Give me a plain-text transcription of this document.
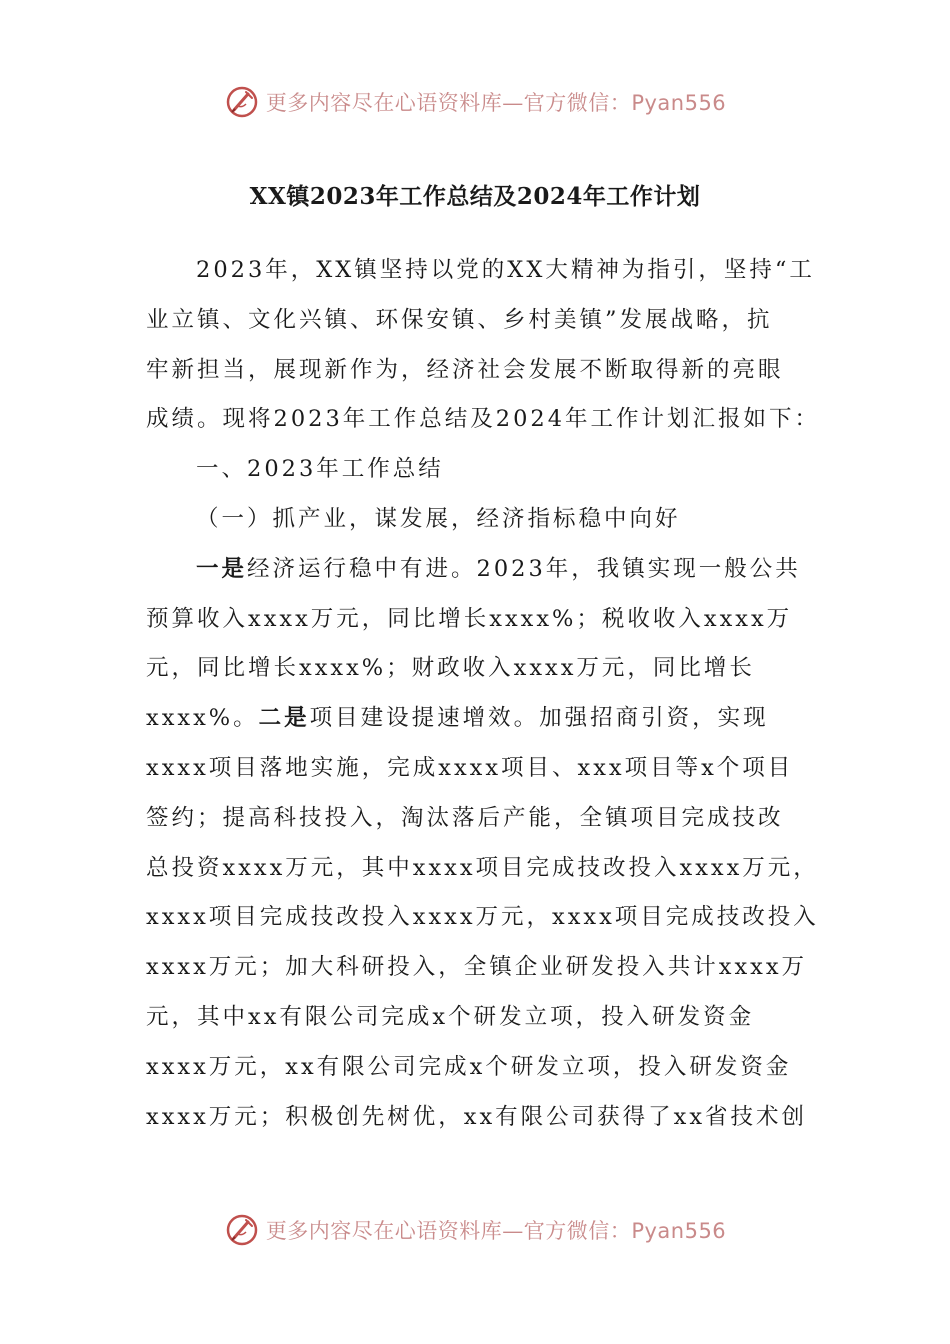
更多内容尽在心语资料库—官方微信：Pyan556
XX镇2023年工作总结及2024年工作计划
2023年，XX镇坚持以党的XX大精神为指引，坚持“工
业立镇、文化兴镇、环保安镇、乡村美镇”发展战略，抗
牢新担当，展现新作为，经济社会发展不断取得新的亮眼
成绩。现将2023年工作总结及2024年工作计划汇报如下：
一、2023年工作总结
（一）抓产业，谋发展，经济指标稳中向好
一是经济运行稳中有进。2023年，我镇实现一般公共
预算收入xxxx万元，同比增长xxxx%；税收收入xxxx万
元，同比增长xxxx%；财政收入xxxx万元，同比增长
xxxx%。二是项目建设提速增效。加强招商引资，实现
xxxx项目落地实施，完成xxxx项目、xxx项目等x个项目
签约；提高科技投入，淘汰落后产能，全镇项目完成技改
总投资xxxx万元，其中xxxx项目完成技改投入xxxx万元，
xxxx项目完成技改投入xxxx万元，xxxx项目完成技改投入
xxxx万元；加大科研投入，全镇企业研发投入共计xxxx万
元，其中xx有限公司完成x个研发立项，投入研发资金
xxxx万元，xx有限公司完成x个研发立项，投入研发资金
xxxx万元；积极创先树优，xx有限公司获得了xx省技术创
更多内容尽在心语资料库—官方微信：Pyan556
